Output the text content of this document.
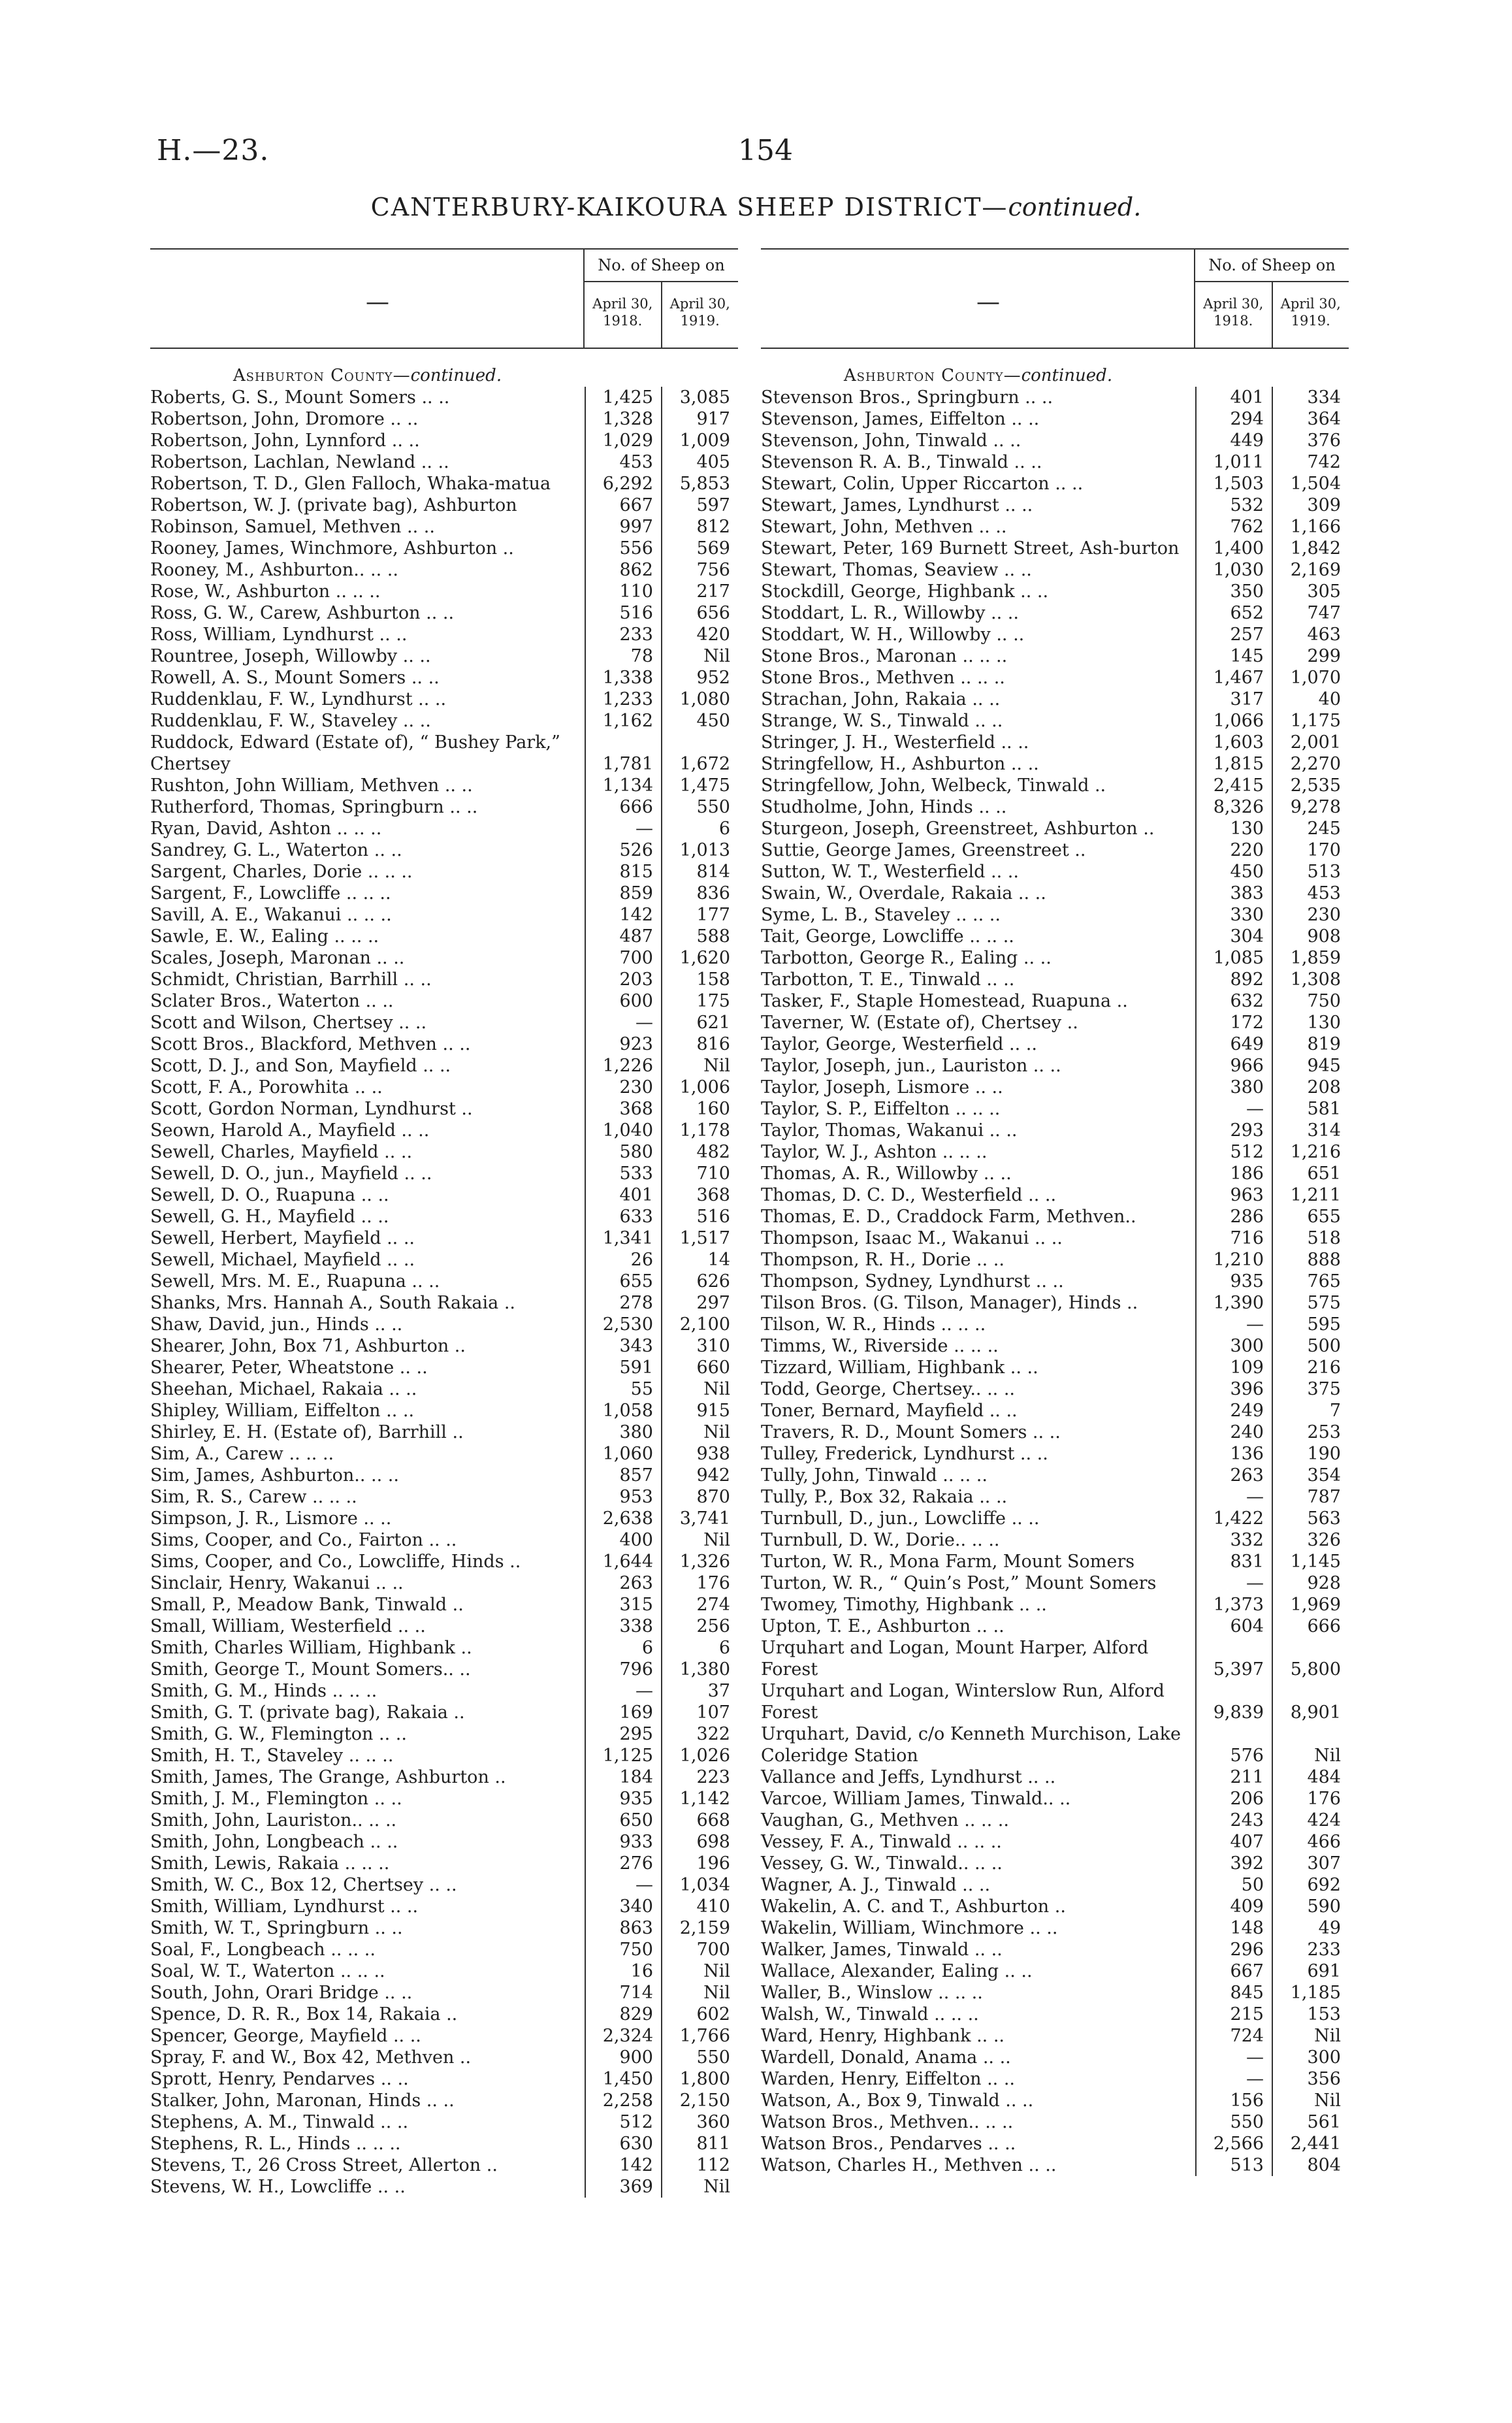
H.—23.	154
CANTERBURY-KAIKOURA SHEEP DISTRICT—continued.
—
No. of Sheep on
April 30,
1918.
April 30,
1919.
Ashburton County—continued.
Roberts, G. S., Mount Somers .. ..	1,425	3,085
Robertson, John, Dromore .. ..	1,328	917
Robertson, John, Lynnford .. ..	1,029	1,009
Robertson, Lachlan, Newland .. ..	453	405
Robertson, T. D., Glen Falloch, Whaka-matua	6,292	5,853
Robertson, W. J. (private bag), Ashburton	667	597
Robinson, Samuel, Methven .. ..	997	812
Rooney, James, Winchmore, Ashburton ..	556	569
Rooney, M., Ashburton.. .. ..	862	756
Rose, W., Ashburton .. .. ..	110	217
Ross, G. W., Carew, Ashburton .. ..	516	656
Ross, William, Lyndhurst .. ..	233	420
Rountree, Joseph, Willowby .. ..	78	Nil
Rowell, A. S., Mount Somers .. ..	1,338	952
Ruddenklau, F. W., Lyndhurst .. ..	1,233	1,080
Ruddenklau, F. W., Staveley .. ..	1,162	450
Ruddock, Edward (Estate of), “ Bushey Park,” Chertsey	1,781	1,672
Rushton, John William, Methven .. ..	1,134	1,475
Rutherford, Thomas, Springburn .. ..	666	550
Ryan, David, Ashton .. .. ..	—	6
Sandrey, G. L., Waterton .. ..	526	1,013
Sargent, Charles, Dorie .. .. ..	815	814
Sargent, F., Lowcliffe .. .. ..	859	836
Savill, A. E., Wakanui .. .. ..	142	177
Sawle, E. W., Ealing .. .. ..	487	588
Scales, Joseph, Maronan .. ..	700	1,620
Schmidt, Christian, Barrhill .. ..	203	158
Sclater Bros., Waterton .. ..	600	175
Scott and Wilson, Chertsey .. ..	—	621
Scott Bros., Blackford, Methven .. ..	923	816
Scott, D. J., and Son, Mayfield .. ..	1,226	Nil
Scott, F. A., Porowhita .. ..	230	1,006
Scott, Gordon Norman, Lyndhurst ..	368	160
Seown, Harold A., Mayfield .. ..	1,040	1,178
Sewell, Charles, Mayfield .. ..	580	482
Sewell, D. O., jun., Mayfield .. ..	533	710
Sewell, D. O., Ruapuna .. ..	401	368
Sewell, G. H., Mayfield .. ..	633	516
Sewell, Herbert, Mayfield .. ..	1,341	1,517
Sewell, Michael, Mayfield .. ..	26	14
Sewell, Mrs. M. E., Ruapuna .. ..	655	626
Shanks, Mrs. Hannah A., South Rakaia ..	278	297
Shaw, David, jun., Hinds .. ..	2,530	2,100
Shearer, John, Box 71, Ashburton ..	343	310
Shearer, Peter, Wheatstone .. ..	591	660
Sheehan, Michael, Rakaia .. ..	55	Nil
Shipley, William, Eiffelton .. ..	1,058	915
Shirley, E. H. (Estate of), Barrhill ..	380	Nil
Sim, A., Carew .. .. ..	1,060	938
Sim, James, Ashburton.. .. ..	857	942
Sim, R. S., Carew .. .. ..	953	870
Simpson, J. R., Lismore .. ..	2,638	3,741
Sims, Cooper, and Co., Fairton .. ..	400	Nil
Sims, Cooper, and Co., Lowcliffe, Hinds ..	1,644	1,326
Sinclair, Henry, Wakanui .. ..	263	176
Small, P., Meadow Bank, Tinwald ..	315	274
Small, William, Westerfield .. ..	338	256
Smith, Charles William, Highbank ..	6	6
Smith, George T., Mount Somers.. ..	796	1,380
Smith, G. M., Hinds .. .. ..	—	37
Smith, G. T. (private bag), Rakaia ..	169	107
Smith, G. W., Flemington .. ..	295	322
Smith, H. T., Staveley .. .. ..	1,125	1,026
Smith, James, The Grange, Ashburton ..	184	223
Smith, J. M., Flemington .. ..	935	1,142
Smith, John, Lauriston.. .. ..	650	668
Smith, John, Longbeach .. ..	933	698
Smith, Lewis, Rakaia .. .. ..	276	196
Smith, W. C., Box 12, Chertsey .. ..	—	1,034
Smith, William, Lyndhurst .. ..	340	410
Smith, W. T., Springburn .. ..	863	2,159
Soal, F., Longbeach .. .. ..	750	700
Soal, W. T., Waterton .. .. ..	16	Nil
South, John, Orari Bridge .. ..	714	Nil
Spence, D. R. R., Box 14, Rakaia ..	829	602
Spencer, George, Mayfield .. ..	2,324	1,766
Spray, F. and W., Box 42, Methven ..	900	550
Sprott, Henry, Pendarves .. ..	1,450	1,800
Stalker, John, Maronan, Hinds .. ..	2,258	2,150
Stephens, A. M., Tinwald .. ..	512	360
Stephens, R. L., Hinds .. .. ..	630	811
Stevens, T., 26 Cross Street, Allerton ..	142	112
Stevens, W. H., Lowcliffe .. ..	369	Nil
—
No. of Sheep on
April 30,
1918.
April 30,
1919.
Ashburton County—continued.
Stevenson Bros., Springburn .. ..	401	334
Stevenson, James, Eiffelton .. ..	294	364
Stevenson, John, Tinwald .. ..	449	376
Stevenson R. A. B., Tinwald .. ..	1,011	742
Stewart, Colin, Upper Riccarton .. ..	1,503	1,504
Stewart, James, Lyndhurst .. ..	532	309
Stewart, John, Methven .. ..	762	1,166
Stewart, Peter, 169 Burnett Street, Ash-burton	1,400	1,842
Stewart, Thomas, Seaview .. ..	1,030	2,169
Stockdill, George, Highbank .. ..	350	305
Stoddart, L. R., Willowby .. ..	652	747
Stoddart, W. H., Willowby .. ..	257	463
Stone Bros., Maronan .. .. ..	145	299
Stone Bros., Methven .. .. ..	1,467	1,070
Strachan, John, Rakaia .. ..	317	40
Strange, W. S., Tinwald .. ..	1,066	1,175
Stringer, J. H., Westerfield .. ..	1,603	2,001
Stringfellow, H., Ashburton .. ..	1,815	2,270
Stringfellow, John, Welbeck, Tinwald ..	2,415	2,535
Studholme, John, Hinds .. ..	8,326	9,278
Sturgeon, Joseph, Greenstreet, Ashburton ..	130	245
Suttie, George James, Greenstreet ..	220	170
Sutton, W. T., Westerfield .. ..	450	513
Swain, W., Overdale, Rakaia .. ..	383	453
Syme, L. B., Staveley .. .. ..	330	230
Tait, George, Lowcliffe .. .. ..	304	908
Tarbotton, George R., Ealing .. ..	1,085	1,859
Tarbotton, T. E., Tinwald .. ..	892	1,308
Tasker, F., Staple Homestead, Ruapuna ..	632	750
Taverner, W. (Estate of), Chertsey ..	172	130
Taylor, George, Westerfield .. ..	649	819
Taylor, Joseph, jun., Lauriston .. ..	966	945
Taylor, Joseph, Lismore .. ..	380	208
Taylor, S. P., Eiffelton .. .. ..	—	581
Taylor, Thomas, Wakanui .. ..	293	314
Taylor, W. J., Ashton .. .. ..	512	1,216
Thomas, A. R., Willowby .. ..	186	651
Thomas, D. C. D., Westerfield .. ..	963	1,211
Thomas, E. D., Craddock Farm, Methven..	286	655
Thompson, Isaac M., Wakanui .. ..	716	518
Thompson, R. H., Dorie .. ..	1,210	888
Thompson, Sydney, Lyndhurst .. ..	935	765
Tilson Bros. (G. Tilson, Manager), Hinds ..	1,390	575
Tilson, W. R., Hinds .. .. ..	—	595
Timms, W., Riverside .. .. ..	300	500
Tizzard, William, Highbank .. ..	109	216
Todd, George, Chertsey.. .. ..	396	375
Toner, Bernard, Mayfield .. ..	249	7
Travers, R. D., Mount Somers .. ..	240	253
Tulley, Frederick, Lyndhurst .. ..	136	190
Tully, John, Tinwald .. .. ..	263	354
Tully, P., Box 32, Rakaia .. ..	—	787
Turnbull, D., jun., Lowcliffe .. ..	1,422	563
Turnbull, D. W., Dorie.. .. ..	332	326
Turton, W. R., Mona Farm, Mount Somers	831	1,145
Turton, W. R., “ Quin’s Post,” Mount Somers	—	928
Twomey, Timothy, Highbank .. ..	1,373	1,969
Upton, T. E., Ashburton .. ..	604	666
Urquhart and Logan, Mount Harper, Alford Forest	5,397	5,800
Urquhart and Logan, Winterslow Run, Alford Forest	9,839	8,901
Urquhart, David, c/o Kenneth Murchison, Lake Coleridge Station	576	Nil
Vallance and Jeffs, Lyndhurst .. ..	211	484
Varcoe, William James, Tinwald.. ..	206	176
Vaughan, G., Methven .. .. ..	243	424
Vessey, F. A., Tinwald .. .. ..	407	466
Vessey, G. W., Tinwald.. .. ..	392	307
Wagner, A. J., Tinwald .. ..	50	692
Wakelin, A. C. and T., Ashburton ..	409	590
Wakelin, William, Winchmore .. ..	148	49
Walker, James, Tinwald .. ..	296	233
Wallace, Alexander, Ealing .. ..	667	691
Waller, B., Winslow .. .. ..	845	1,185
Walsh, W., Tinwald .. .. ..	215	153
Ward, Henry, Highbank .. ..	724	Nil
Wardell, Donald, Anama .. ..	—	300
Warden, Henry, Eiffelton .. ..	—	356
Watson, A., Box 9, Tinwald .. ..	156	Nil
Watson Bros., Methven.. .. ..	550	561
Watson Bros., Pendarves .. ..	2,566	2,441
Watson, Charles H., Methven .. ..	513	804
